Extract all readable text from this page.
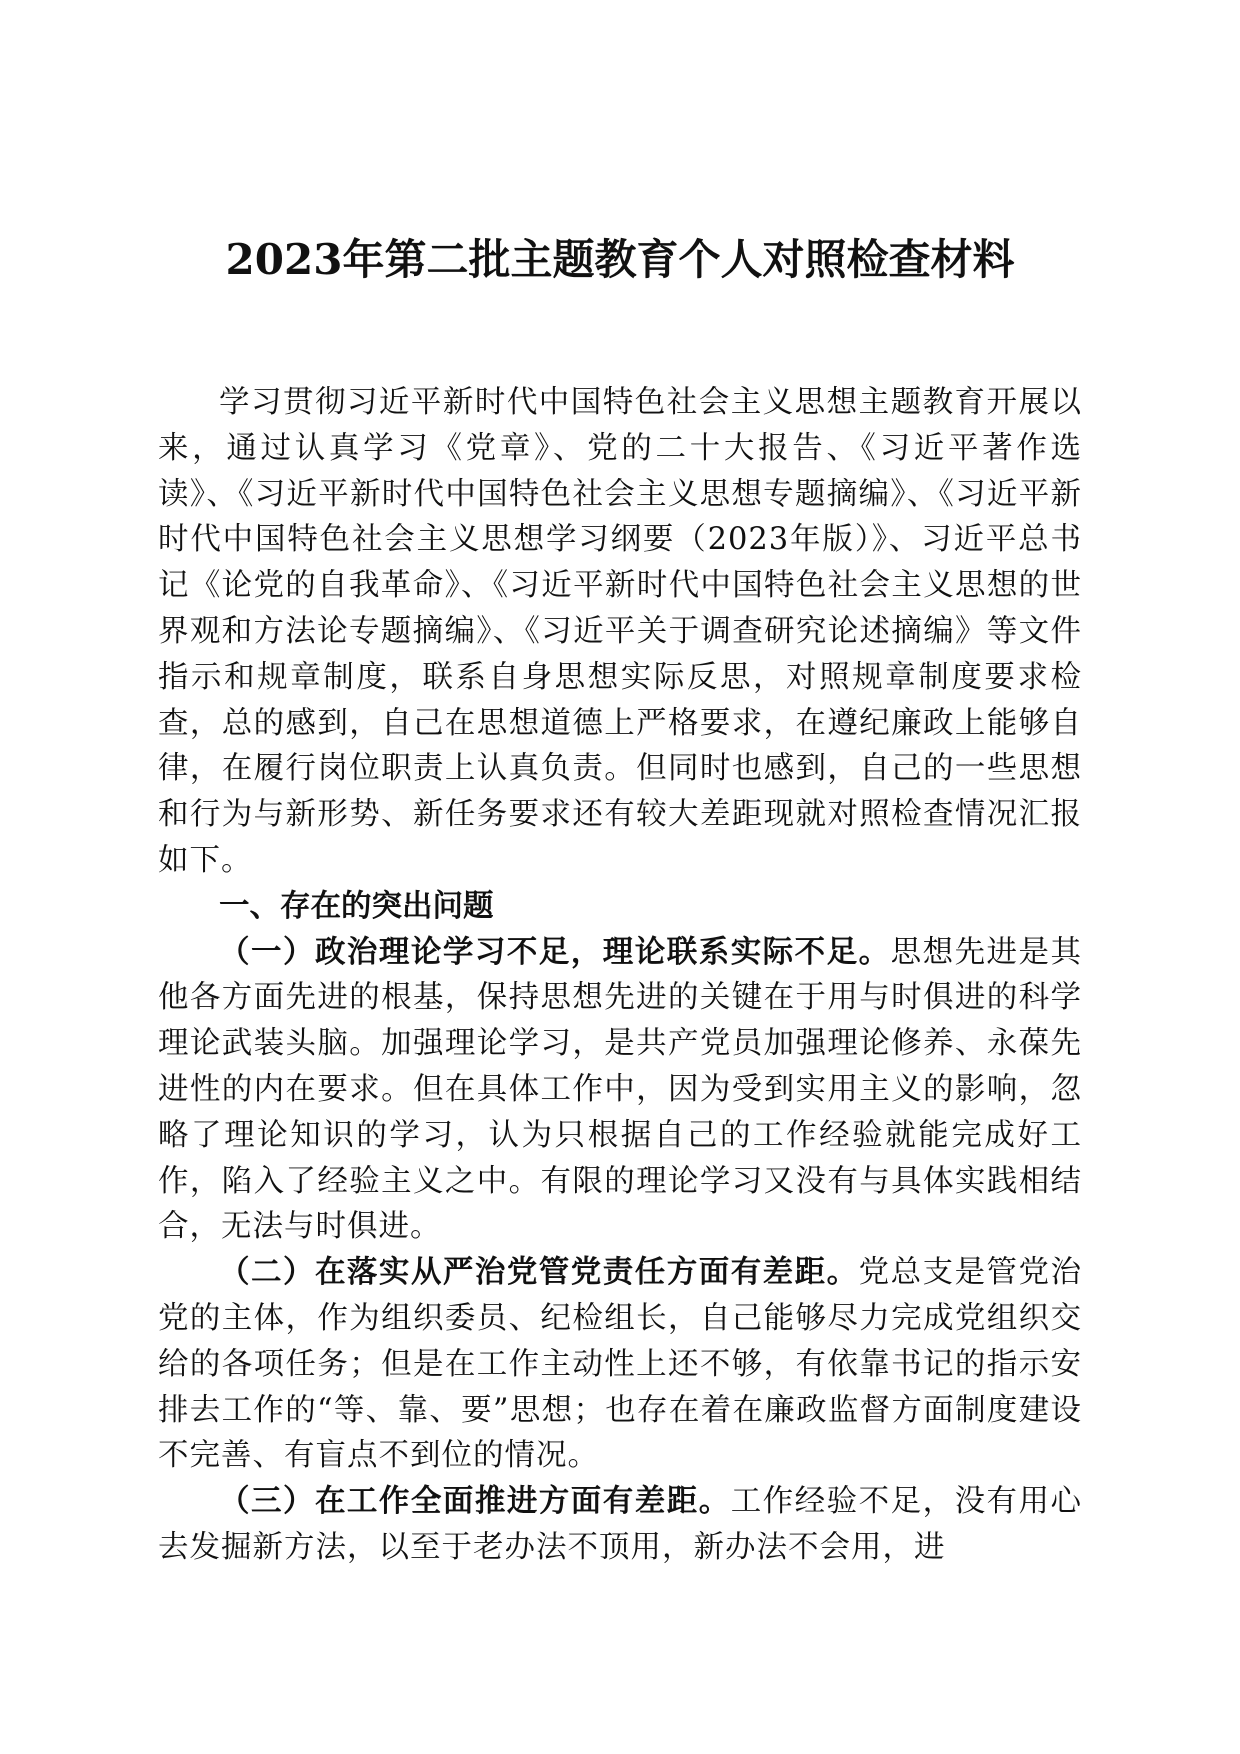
2023年第二批主题教育个人对照检查材料

学习贯彻习近平新时代中国特色社会主义思想主题教育开展以来，通过认真学习《党章》、党的二十大报告、《习近平著作选读》、《习近平新时代中国特色社会主义思想专题摘编》、《习近平新时代中国特色社会主义思想学习纲要（2023年版）》、习近平总书记《论党的自我革命》、《习近平新时代中国特色社会主义思想的世界观和方法论专题摘编》、《习近平关于调查研究论述摘编》等文件指示和规章制度，联系自身思想实际反思，对照规章制度要求检查，总的感到，自己在思想道德上严格要求，在遵纪廉政上能够自律，在履行岗位职责上认真负责。但同时也感到，自己的一些思想和行为与新形势、新任务要求还有较大差距现就对照检查情况汇报如下。

一、存在的突出问题

（一）政治理论学习不足，理论联系实际不足。思想先进是其他各方面先进的根基，保持思想先进的关键在于用与时俱进的科学理论武装头脑。加强理论学习，是共产党员加强理论修养、永葆先进性的内在要求。但在具体工作中，因为受到实用主义的影响，忽略了理论知识的学习，认为只根据自己的工作经验就能完成好工作，陷入了经验主义之中。有限的理论学习又没有与具体实践相结合，无法与时俱进。

（二）在落实从严治党管党责任方面有差距。党总支是管党治党的主体，作为组织委员、纪检组长，自己能够尽力完成党组织交给的各项任务；但是在工作主动性上还不够，有依靠书记的指示安排去工作的“等、靠、要”思想；也存在着在廉政监督方面制度建设不完善、有盲点不到位的情况。

（三）在工作全面推进方面有差距。工作经验不足，没有用心去发掘新方法，以至于老办法不顶用，新办法不会用，进
